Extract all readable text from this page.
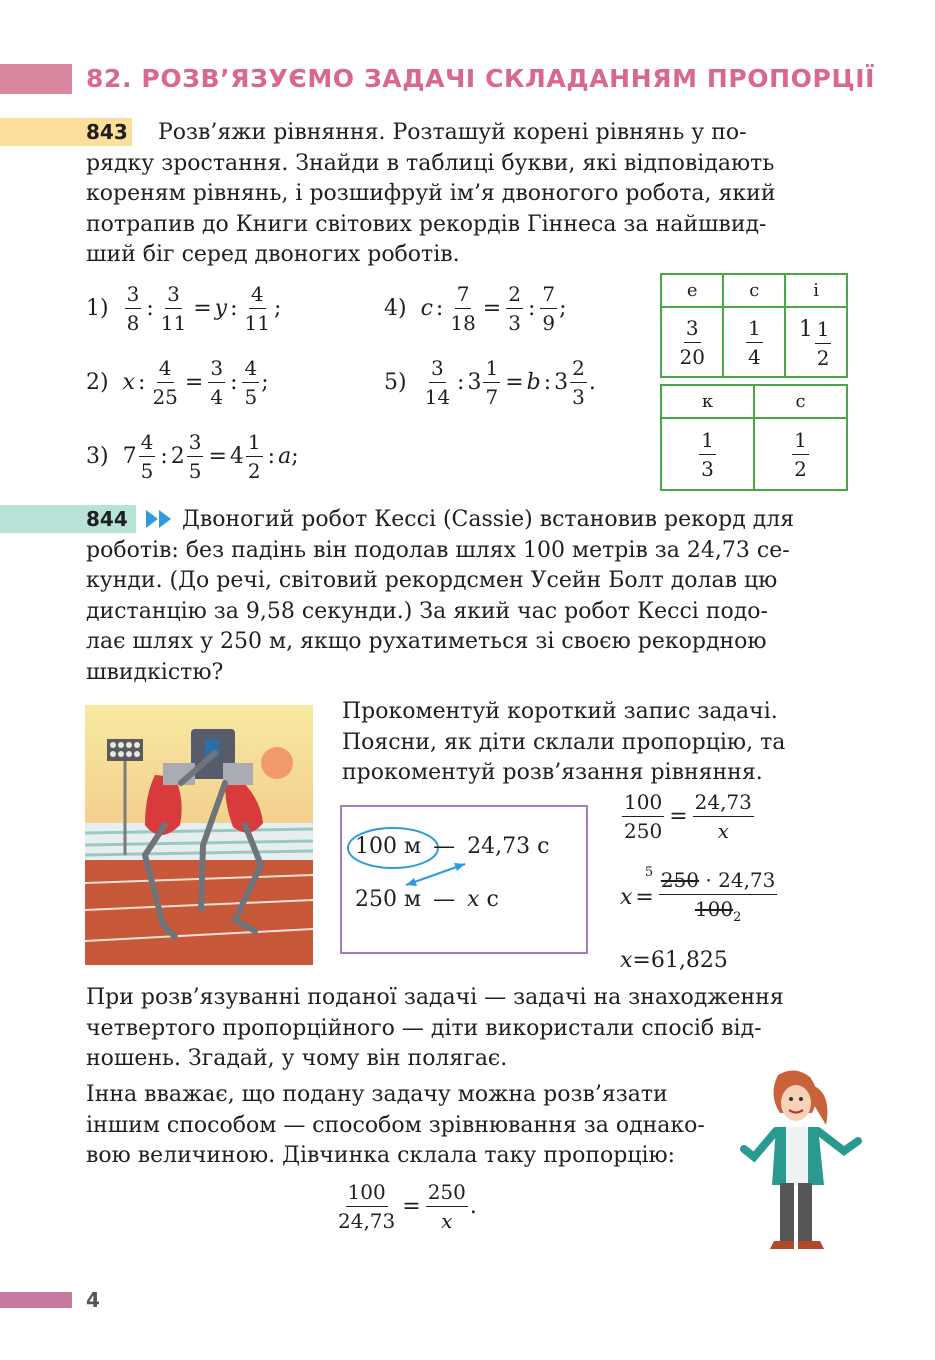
82. РОЗВ’ЯЗУЄМО ЗАДАЧІ СКЛАДАННЯМ ПРОПОРЦІЇ
843	Розв’яжи рівняння. Розташуй корені рівнянь у по-
рядку зростання. Знайди в таблиці букви, які відповідають
кореням рівнянь, і розшифруй ім’я двоногого робота, який
потрапив до Книги світових рекордів Гіннеса за найшвид-
ший біг серед двоногих роботів.
$1) \frac{3}{8}$ : $\frac{3}{11} = y$ : $\frac{4}{11}$ ;
2) x : $\frac{4}{25} = \frac{3}{4}$ : $\frac{4}{5}$ ;
3) $7 \frac{4}{5}$ : $2 \frac{3}{5} = 4 \frac{1}{2}$ : a ;
4) c : $\frac{7}{18} = \frac{2}{3}$ : $\frac{7}{9}$ ;
$5) \frac{3}{14}$ : $3 \frac{1}{7} = b$ : $3 \frac{2}{3}$ .
е	с	і

$\frac{3}{20}$	$\frac{1}{4}$	$1 \frac{1}{2}$
к	с

$\frac{1}{3}$	$\frac{1}{2}$
844	Двоногий робот Кессі (Cassie) встановив рекорд для
роботів: без падінь він подолав шлях 100 метрів за 24,73 се-
кунди. (До речі, світовий рекордсмен Усейн Болт долав цю
дистанцію за 9,58 секунди.) За який час робот Кессі подо-
лає шлях у 250 м, якщо рухатиметься зі своєю рекордною
швидкістю?
Прокоментуй короткий запис задачі.
Поясни, як діти склали пропорцію, та
прокоментуй розв’язання рівняння.
100 м — 24,73 с
250 м — x с
$\frac{100}{250} = \frac{24,73}{x}$
$x = \frac{5 250 \cdot 24,73}{100_2}$
x=61,825
При розв’язуванні поданої задачі — задачі на знаходження
четвертого пропорційного — діти використали спосіб від-
ношень. Згадай, у чому він полягає.
Інна вважає, що подану задачу можна розв’язати
іншим способом — способом зрівнювання за однако-
вою величиною. Дівчинка склала таку пропорцію:
$\frac{100}{24,73} = \frac{250}{x}$ .
4
